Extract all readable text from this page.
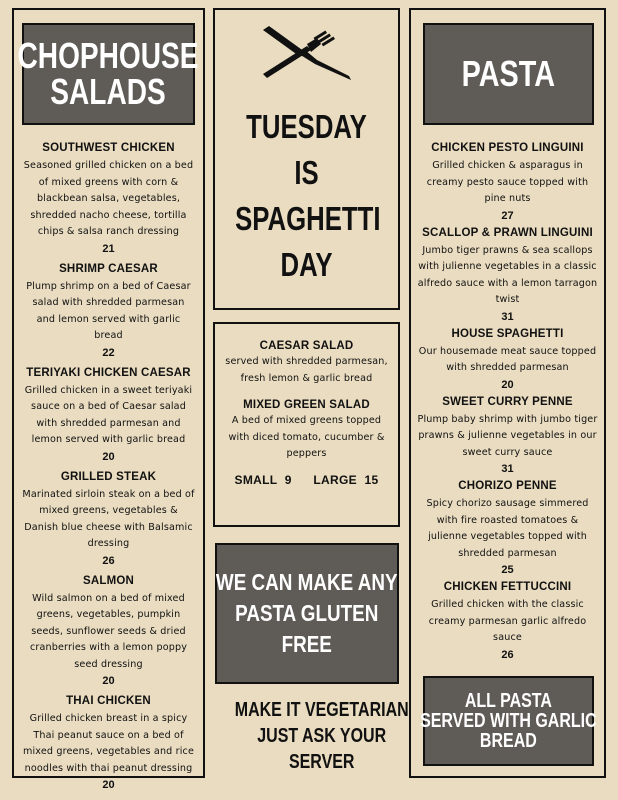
CHOPHOUSE
SALADS
SOUTHWEST CHICKEN
Seasoned grilled chicken on a bed of mixed greens with corn & blackbean salsa, vegetables, shredded nacho cheese, tortilla chips & salsa ranch dressing
21
SHRIMP CAESAR
Plump shrimp on a bed of Caesar salad with shredded parmesan and lemon served with garlic bread
22
TERIYAKI CHICKEN CAESAR
Grilled chicken in a sweet teriyaki sauce on a bed of Caesar salad with shredded parmesan and lemon served with garlic bread
20
GRILLED STEAK
Marinated sirloin steak on a bed of mixed greens, vegetables & Danish blue cheese with Balsamic dressing
26
SALMON
Wild salmon on a bed of mixed greens, vegetables, pumpkin seeds, sunflower seeds & dried cranberries with a lemon poppy seed dressing
20
THAI CHICKEN
Grilled chicken breast in a spicy Thai peanut sauce on a bed of mixed greens, vegetables and rice noodles with thai peanut dressing
20
TUESDAY
IS
SPAGHETTI
DAY
CAESAR SALAD
served with shredded parmesan, fresh lemon & garlic bread
MIXED GREEN SALAD
A bed of mixed greens topped with diced tomato, cucumber & peppers
SMALL 9 LARGE 15
WE CAN MAKE ANY
PASTA GLUTEN
FREE
MAKE IT VEGETARIAN
JUST ASK YOUR
SERVER
PASTA
CHICKEN PESTO LINGUINI
Grilled chicken & asparagus in creamy pesto sauce topped with pine nuts
27
SCALLOP & PRAWN LINGUINI
Jumbo tiger prawns & sea scallops with julienne vegetables in a classic alfredo sauce with a lemon tarragon twist
31
HOUSE SPAGHETTI
Our housemade meat sauce topped with shredded parmesan
20
SWEET CURRY PENNE
Plump baby shrimp with jumbo tiger prawns & julienne vegetables in our sweet curry sauce
31
CHORIZO PENNE
Spicy chorizo sausage simmered with fire roasted tomatoes & julienne vegetables topped with shredded parmesan
25
CHICKEN FETTUCCINI
Grilled chicken with the classic creamy parmesan garlic alfredo sauce
26
ALL PASTA
SERVED WITH GARLIC
BREAD
